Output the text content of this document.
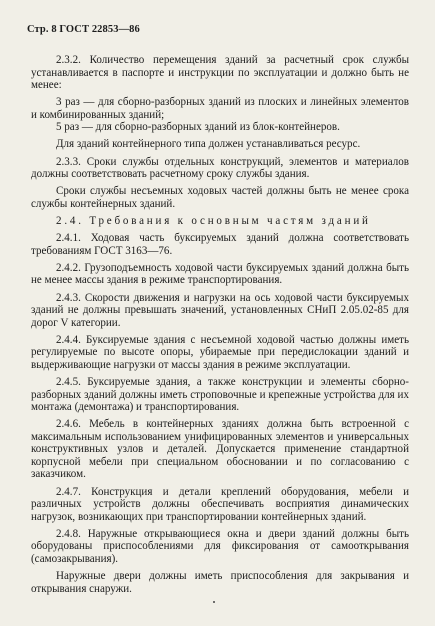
Стр. 8 ГОСТ 22853—86

2.3.2. Количество перемещения зданий за расчетный срок службы устанавливается в паспорте и инструкции по эксплуатации и должно быть не менее:

3 раз — для сборно-разборных зданий из плоских и линейных элементов и комбинированных зданий;

5 раз — для сборно-разборных зданий из блок-контейнеров.

Для зданий контейнерного типа должен устанавливаться ресурс.

2.3.3. Сроки службы отдельных конструкций, элементов и материалов должны соответствовать расчетному сроку службы здания.

Сроки службы несъемных ходовых частей должны быть не менее срока службы контейнерных зданий.

2.4. Требования к основным частям зданий

2.4.1. Ходовая часть буксируемых зданий должна соответствовать требованиям ГОСТ 3163—76.

2.4.2. Грузоподъемность ходовой части буксируемых зданий должна быть не менее массы здания в режиме транспортирования.

2.4.3. Скорости движения и нагрузки на ось ходовой части буксируемых зданий не должны превышать значений, установленных СНиП 2.05.02-85 для дорог V категории.

2.4.4. Буксируемые здания с несъемной ходовой частью должны иметь регулируемые по высоте опоры, убираемые при передислокации зданий и выдерживающие нагрузки от массы здания в режиме эксплуатации.

2.4.5. Буксируемые здания, а также конструкции и элементы сборно-разборных зданий должны иметь строповочные и крепежные устройства для их монтажа (демонтажа) и транспортирования.

2.4.6. Мебель в контейнерных зданиях должна быть встроенной с максимальным использованием унифицированных элементов и универсальных конструктивных узлов и деталей. Допускается применение стандартной корпусной мебели при специальном обосновании и по согласованию с заказчиком.

2.4.7. Конструкция и детали креплений оборудования, мебели и различных устройств должны обеспечивать восприятия динамических нагрузок, возникающих при транспортировании контейнерных зданий.

2.4.8. Наружные открывающиеся окна и двери зданий должны быть оборудованы приспособлениями для фиксирования от самооткрывания (самозакрывания).

Наружные двери должны иметь приспособления для закрывания и открывания снаружи.
